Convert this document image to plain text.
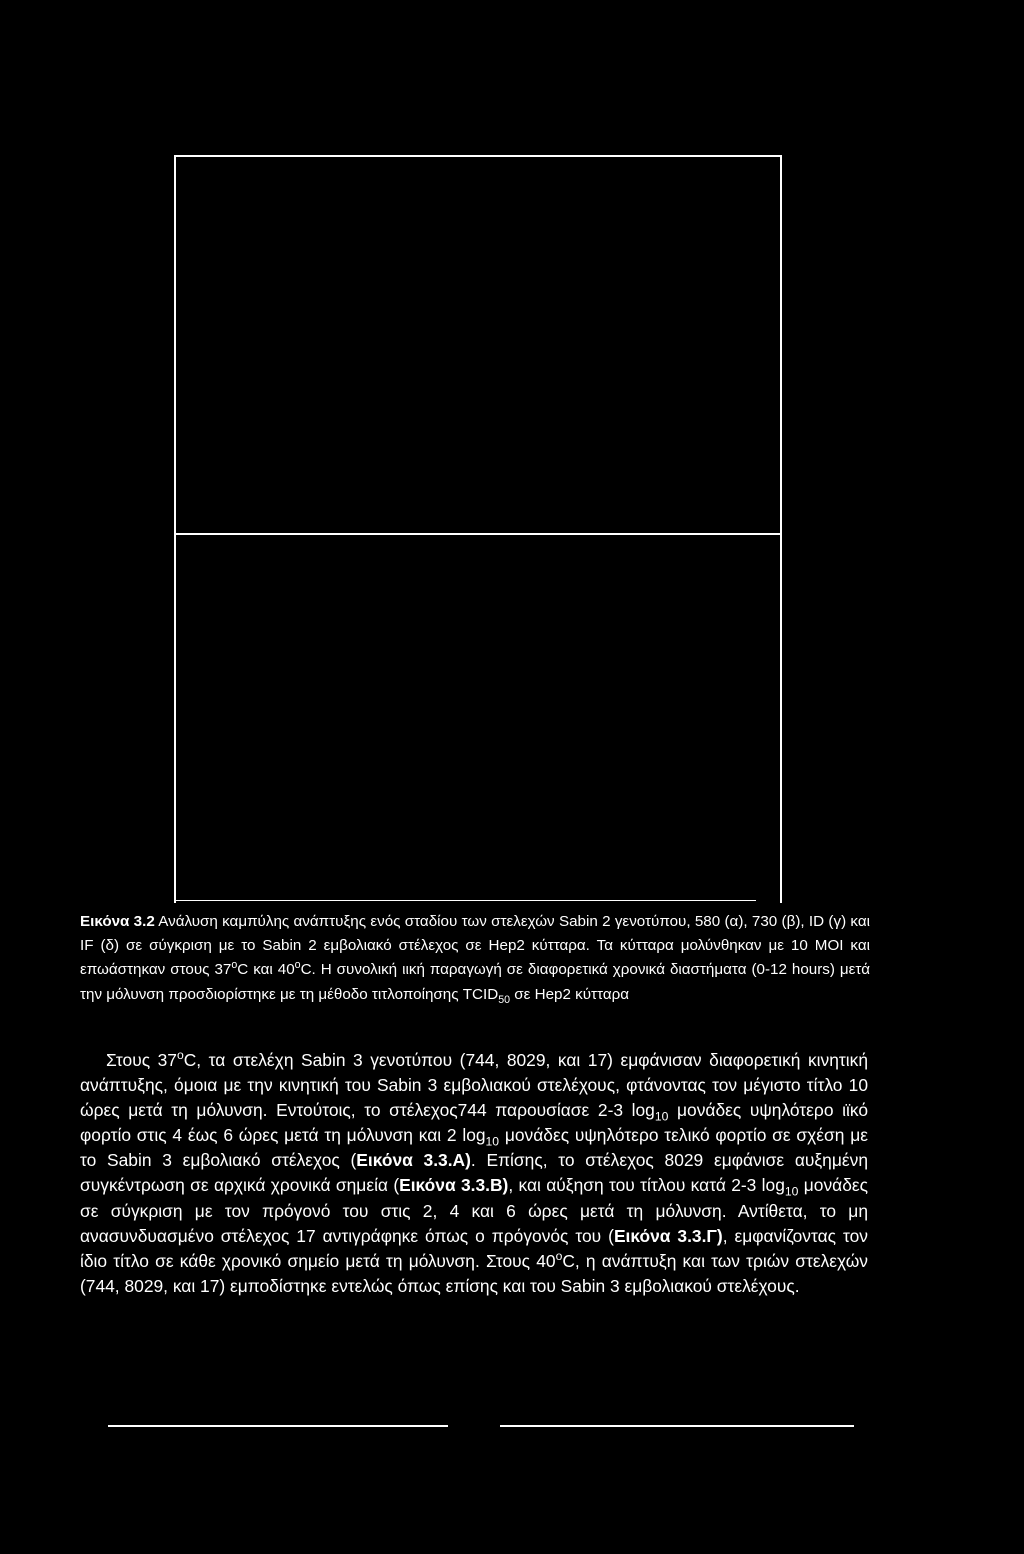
Εικόνα 3.2 Ανάλυση καμπύλης ανάπτυξης ενός σταδίου των στελεχών Sabin 2 γενοτύπου, 580 (α), 730 (β), ID (γ) και IF (δ) σε σύγκριση με το Sabin 2 εμβολιακό στέλεχος σε Hep2 κύτταρα. Τα κύτταρα μολύνθηκαν με 10 MOI και επωάστηκαν στους 37$^o$C και 40$^o$C. Η συνολική ιική παραγωγή σε διαφορετικά χρονικά διαστήματα (0-12 hours) μετά την μόλυνση προσδιορίστηκε με τη μέθοδο τιτλοποίησης $TCID_{50}$ σε Hep2 κύτταρα

Στους 37$^o$C, τα στελέχη Sabin 3 γενοτύπου (744, 8029, και 17) εμφάνισαν διαφορετική κινητική ανάπτυξης, όμοια με την κινητική του Sabin 3 εμβολιακού στελέχους, φτάνοντας τον μέγιστο τίτλο 10 ώρες μετά τη μόλυνση. Εντούτοις, το στέλεχος744 παρουσίασε 2-3 $\log_{10} \mu o\nu ά\delta\varepsilon\varsigma$ υψηλότερο ιϊκό φορτίο στις 4 έως 6 ώρες μετά τη μόλυνση και 2 $\log_{10} \mu o\nu ά\delta\varepsilon\varsigma$ υψηλότερο τελικό φορτίο σε σχέση με το Sabin 3 εμβολιακό στέλεχος (Εικόνα 3.3.Α). Επίσης, το στέλεχος 8029 εμφάνισε αυξημένη συγκέντρωση σε αρχικά χρονικά σημεία (Εικόνα 3.3.Β), και αύξηση του τίτλου κατά 2-3 $\log_{10} \mu o\nu ά\delta\varepsilon\varsigma$ σε σύγκριση με τον πρόγονό του στις 2, 4 και 6 ώρες μετά τη μόλυνση. Αντίθετα, το μη ανασυνδυασμένο στέλεχος 17 αντιγράφηκε όπως ο πρόγονός του (Εικόνα 3.3.Γ), εμφανίζοντας τον ίδιο τίτλο σε κάθε χρονικό σημείο μετά τη μόλυνση. Στους 40$^o$C, η ανάπτυξη και των τριών στελεχών (744, 8029, και 17) εμποδίστηκε εντελώς όπως επίσης και του Sabin 3 εμβολιακού στελέχους.
